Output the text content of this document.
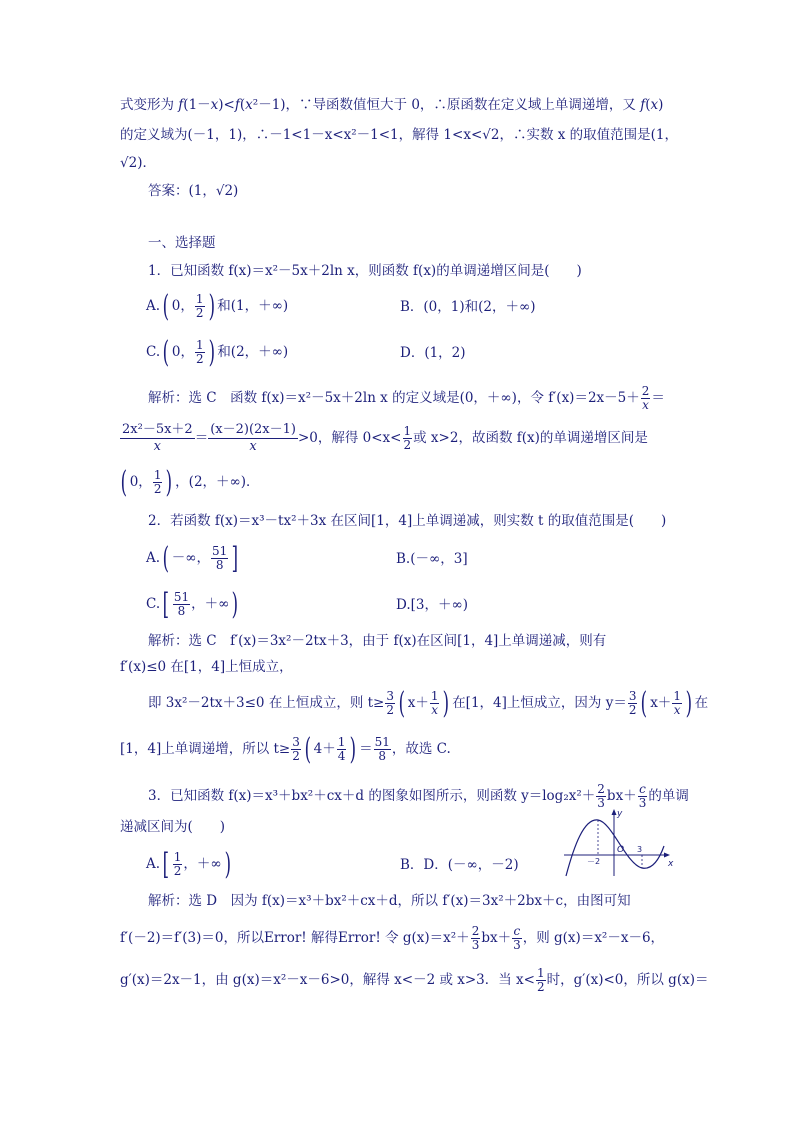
式变形为 f(1－x)<f(x²－1)，∵导函数值恒大于 0，∴原函数在定义域上单调递增，又 f(x)
的定义域为(－1，1)，∴－1<1－x<x²－1<1，解得 1<x<√2，∴实数 x 的取值范围是(1，
√2)．
答案：(1，√2)
一、选择题
1．已知函数 f(x)＝x²－5x＋2ln x，则函数 f(x)的单调递增区间是(　　)
A.( 0， $\frac{1}{2}$ ) 和(1，＋∞)	B．(0，1)和(2，＋∞)
C.( 0， $\frac{1}{2}$ ) 和(2，＋∞)	D．(1，2)
解析：选 C　函数 f(x)＝x²－5x＋2ln x 的定义域是(0，＋∞)，令 $f'(x)=2x-5+ \frac{2}{x}$ ＝
$\frac{\text{2x²－5x＋2}}{x} = \frac{(x-2)(2x-1)}{x} >0$，解得 $0<x< \frac{1}{2}$ 或 x>2，故函数 f(x)的单调递增区间是
( 0， $\frac{1}{2}$ ) ，(2，＋∞)．
2．若函数 f(x)＝x³－tx²＋3x 在区间[1，4]上单调递减，则实数 t 的取值范围是(　　)
A.( －∞， $\frac{51}{8}$ ]	B.(－∞，3]
$C.[ \frac{51}{8}$ ，＋∞)	D.[3，＋∞)
解析：选 C　f′(x)＝3x²－2tx＋3，由于 f(x)在区间[1，4]上单调递减，则有
f′(x)≤0 在[1，4]上恒成立，
即 3x²－2tx＋3≤0 在上恒成立，则 $t\ge \frac{3}{2}$ ( $x+ \frac{1}{x}$ ) 在[1，4]上恒成立，因为 $y= \frac{3}{2}$ ( $x+ \frac{1}{x}$ ) 在
[1，4]上单调递增，所以 $t\ge \frac{3}{2}$ ( $4+ \frac{1}{4}$ ) ＝ $\frac{51}{8}$ ，故选 C.
3．已知函数 f(x)＝x³＋bx²＋cx＋d 的图象如图所示，则函数 $y=\log_2x^2+ \frac{2}{3} bx+ \frac{c}{3}$ 的单调
递减区间为(　　)
$A.[ \frac{1}{2}$ ，＋∞)	B．D．(－∞，－2)
y
O
x
－2
3
解析：选 D　因为 f(x)＝x³＋bx²＋cx＋d，所以 f′(x)＝3x²＋2bx＋c，由图可知
f′(－2)＝f′(3)＝0，所以Error! 解得Error! 令 $g(x)=x^2+ \frac{2}{3} bx+ \frac{c}{3}$ ，则 g(x)＝x²－x－6，
g′(x)＝2x－1，由 g(x)＝x²－x－6>0，解得 x<－2 或 x>3．当 $x< \frac{1}{2}$ 时，g′(x)<0，所以 g(x)＝
